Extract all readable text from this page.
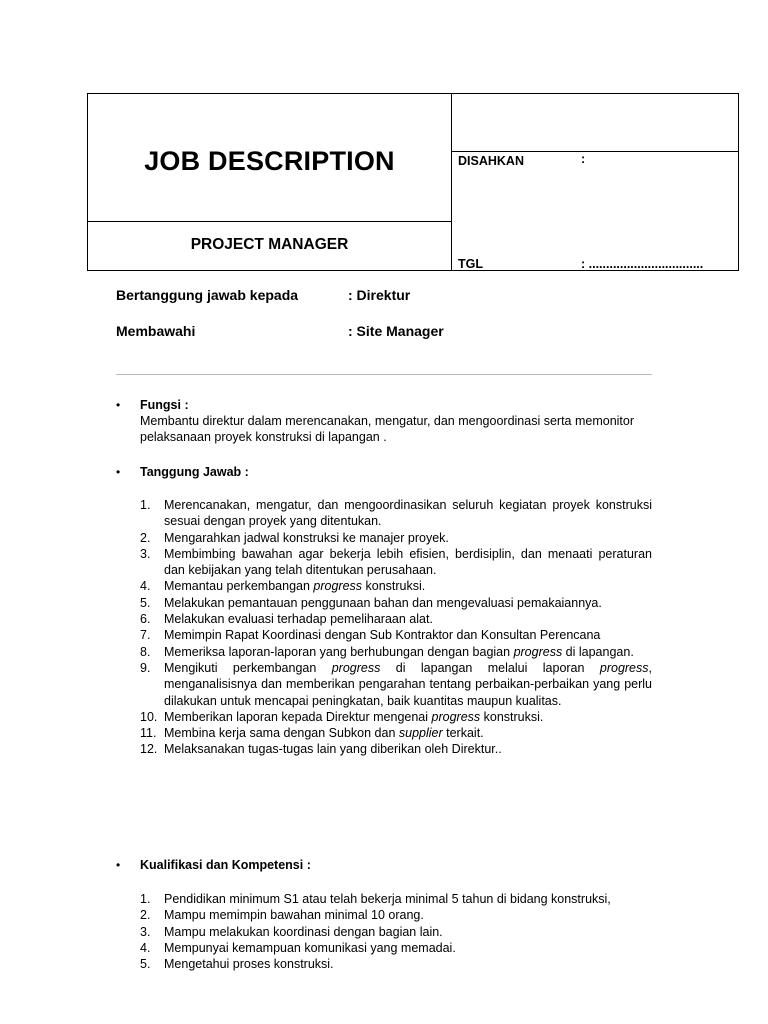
JOB DESCRIPTION
PROJECT MANAGER
DISAHKAN	:
TGL	: .................................
Bertanggung jawab kepada	: Direktur
Membawahi	: Site Manager
• Fungsi :
Membantu direktur dalam merencanakan, mengatur, dan mengoordinasi serta memonitor pelaksanaan proyek konstruksi di lapangan .
• Tanggung Jawab :
1. Merencanakan, mengatur, dan mengoordinasikan seluruh kegiatan proyek konstruksi sesuai dengan proyek yang ditentukan.
2. Mengarahkan jadwal konstruksi ke manajer proyek.
3. Membimbing bawahan agar bekerja lebih efisien, berdisiplin, dan menaati peraturan dan kebijakan yang telah ditentukan perusahaan.
4. Memantau perkembangan progress konstruksi.
5. Melakukan pemantauan penggunaan bahan dan mengevaluasi pemakaiannya.
6. Melakukan evaluasi terhadap pemeliharaan alat.
7. Memimpin Rapat Koordinasi dengan Sub Kontraktor dan Konsultan Perencana
8. Memeriksa laporan-laporan yang berhubungan dengan bagian progress di lapangan.
9. Mengikuti perkembangan progress di lapangan melalui laporan progress, menganalisisnya dan memberikan pengarahan tentang perbaikan-perbaikan yang perlu dilakukan untuk mencapai peningkatan, baik kuantitas maupun kualitas.
10. Memberikan laporan kepada Direktur mengenai progress konstruksi.
11. Membina kerja sama dengan Subkon dan supplier terkait.
12. Melaksanakan tugas-tugas lain yang diberikan oleh Direktur..
• Kualifikasi dan Kompetensi :
1. Pendidikan minimum S1 atau telah bekerja minimal 5 tahun di bidang konstruksi,
2. Mampu memimpin bawahan minimal 10 orang.
3. Mampu melakukan koordinasi dengan bagian lain.
4. Mempunyai kemampuan komunikasi yang memadai.
5. Mengetahui proses konstruksi.
